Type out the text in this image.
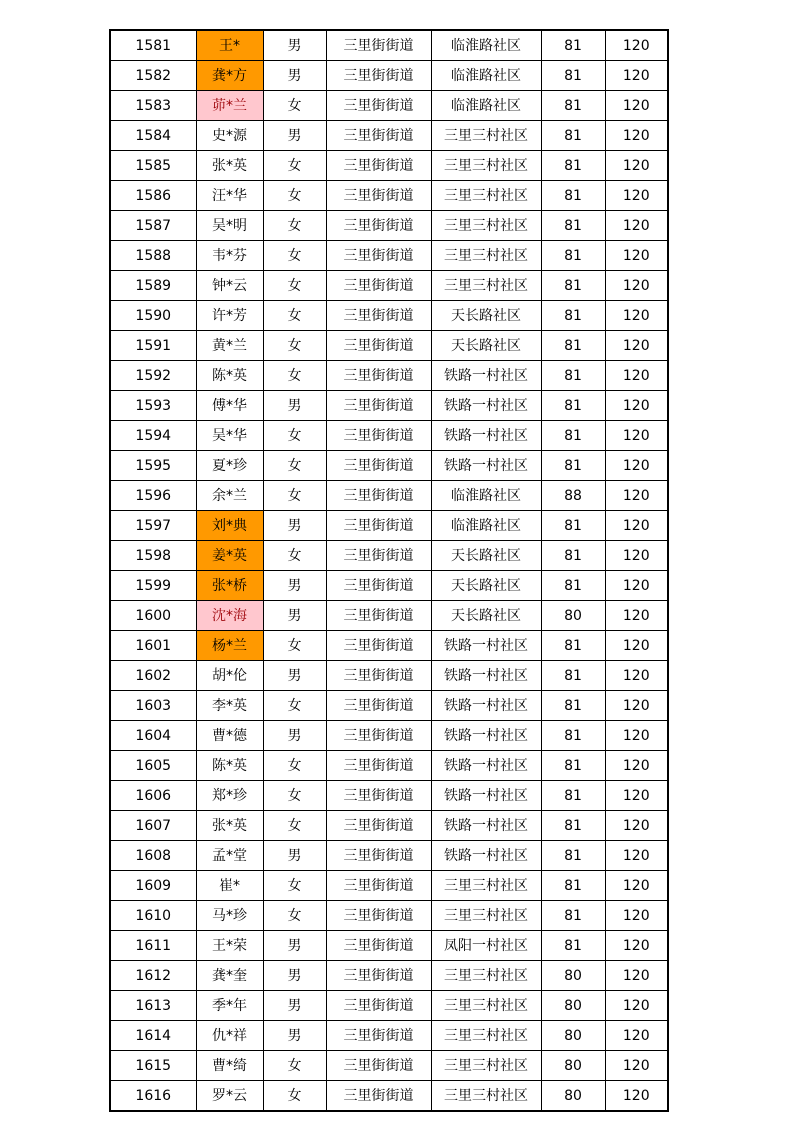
1581	王*	男	三里街街道	临淮路社区	81	120
1582	龚*方	男	三里街街道	临淮路社区	81	120
1583	茆*兰	女	三里街街道	临淮路社区	81	120
1584	史*源	男	三里街街道	三里三村社区	81	120
1585	张*英	女	三里街街道	三里三村社区	81	120
1586	汪*华	女	三里街街道	三里三村社区	81	120
1587	吴*明	女	三里街街道	三里三村社区	81	120
1588	韦*芬	女	三里街街道	三里三村社区	81	120
1589	钟*云	女	三里街街道	三里三村社区	81	120
1590	许*芳	女	三里街街道	天长路社区	81	120
1591	黄*兰	女	三里街街道	天长路社区	81	120
1592	陈*英	女	三里街街道	铁路一村社区	81	120
1593	傅*华	男	三里街街道	铁路一村社区	81	120
1594	吴*华	女	三里街街道	铁路一村社区	81	120
1595	夏*珍	女	三里街街道	铁路一村社区	81	120
1596	余*兰	女	三里街街道	临淮路社区	88	120
1597	刘*典	男	三里街街道	临淮路社区	81	120
1598	姜*英	女	三里街街道	天长路社区	81	120
1599	张*桥	男	三里街街道	天长路社区	81	120
1600	沈*海	男	三里街街道	天长路社区	80	120
1601	杨*兰	女	三里街街道	铁路一村社区	81	120
1602	胡*伦	男	三里街街道	铁路一村社区	81	120
1603	李*英	女	三里街街道	铁路一村社区	81	120
1604	曹*德	男	三里街街道	铁路一村社区	81	120
1605	陈*英	女	三里街街道	铁路一村社区	81	120
1606	郑*珍	女	三里街街道	铁路一村社区	81	120
1607	张*英	女	三里街街道	铁路一村社区	81	120
1608	孟*堂	男	三里街街道	铁路一村社区	81	120
1609	崔*	女	三里街街道	三里三村社区	81	120
1610	马*珍	女	三里街街道	三里三村社区	81	120
1611	王*荣	男	三里街街道	凤阳一村社区	81	120
1612	龚*奎	男	三里街街道	三里三村社区	80	120
1613	季*年	男	三里街街道	三里三村社区	80	120
1614	仇*祥	男	三里街街道	三里三村社区	80	120
1615	曹*绮	女	三里街街道	三里三村社区	80	120
1616	罗*云	女	三里街街道	三里三村社区	80	120
